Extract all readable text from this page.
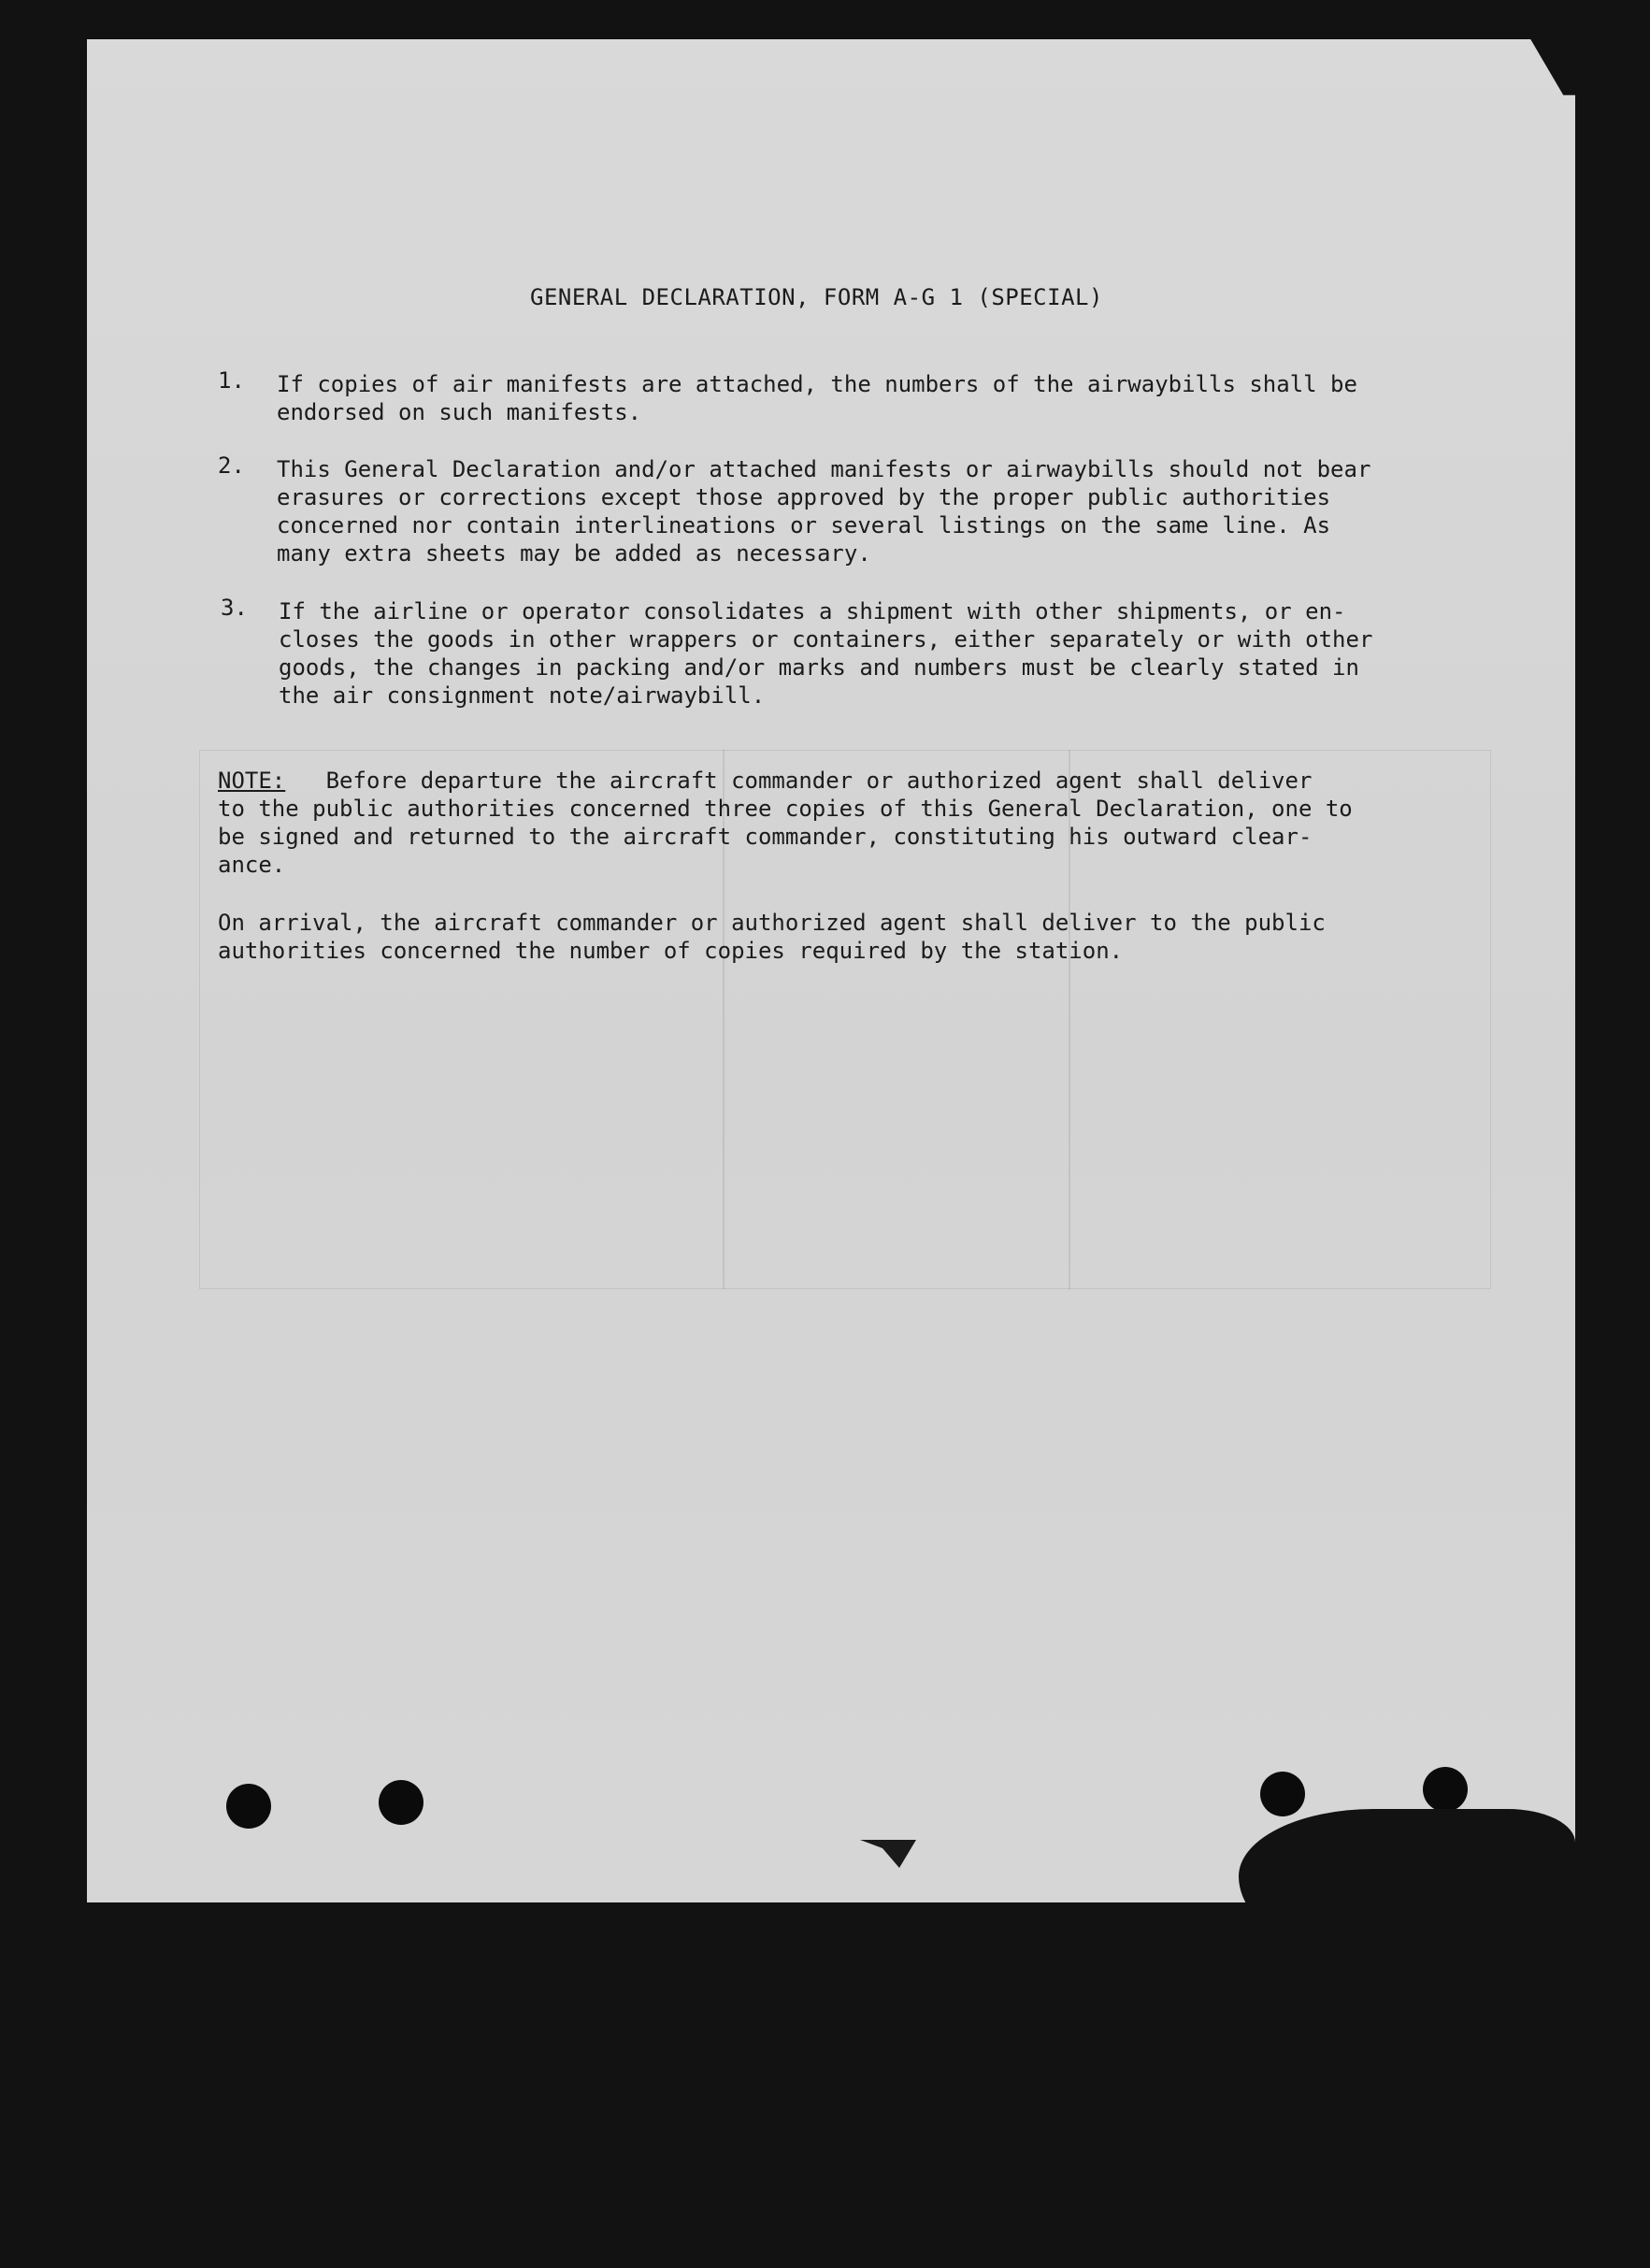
GENERAL DECLARATION, FORM A-G 1 (SPECIAL)
1. If copies of air manifests are attached, the numbers of the airwaybills shall be
endorsed on such manifests.
2. This General Declaration and/or attached manifests or airwaybills should not bear
erasures or corrections except those approved by the proper public authorities
concerned nor contain interlineations or several listings on the same line. As
many extra sheets may be added as necessary.
3. If the airline or operator consolidates a shipment with other shipments, or en-
closes the goods in other wrappers or containers, either separately or with other
goods, the changes in packing and/or marks and numbers must be clearly stated in
the air consignment note/airwaybill.
NOTE:   Before departure the aircraft commander or authorized agent shall deliver
to the public authorities concerned three copies of this General Declaration, one to
be signed and returned to the aircraft commander, constituting his outward clear-
ance.
On arrival, the aircraft commander or authorized agent shall deliver to the public
authorities concerned the number of copies required by the station.
